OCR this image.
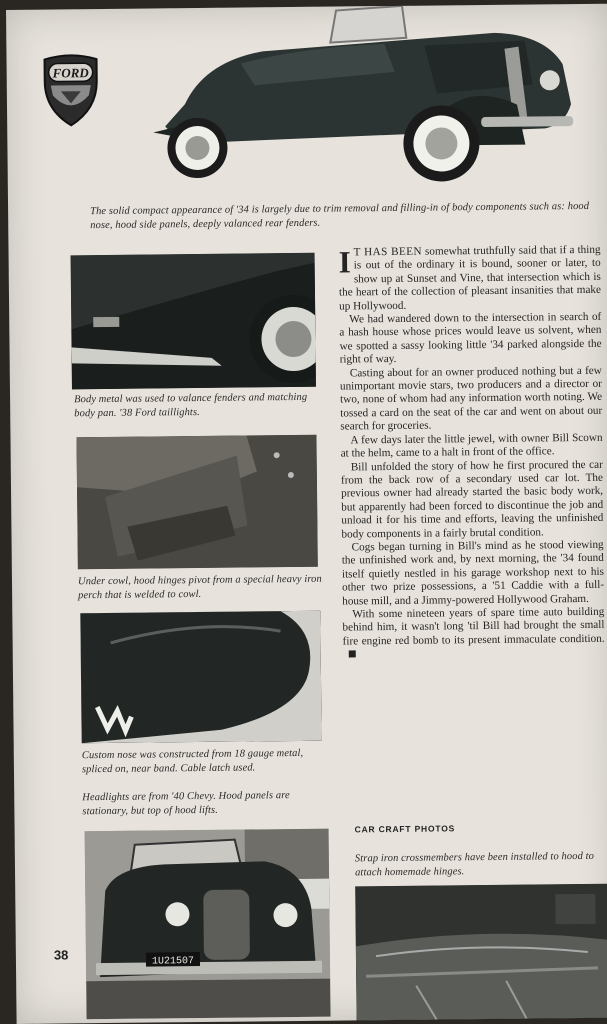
FORD
The solid compact appearance of '34 is largely due to trim removal and filling-in of body components such as: hood nose, hood side panels, deeply valanced rear fenders.
Body metal was used to valance fenders and matching body pan. '38 Ford taillights.
Under cowl, hood hinges pivot from a special heavy iron perch that is welded to cowl.
Custom nose was constructed from 18 gauge metal, spliced on, near band. Cable latch used.
Headlights are from '40 Chevy. Hood panels are stationary, but top of hood lifts.
1U21507

I T HAS BEEN somewhat truthfully said that if a thing is out of the ordinary it is bound, sooner or later, to show up at Sunset and Vine, that intersection which is the heart of the collection of pleasant insanities that make up Hollywood.

We had wandered down to the intersection in search of a hash house whose prices would leave us solvent, when we spotted a sassy looking little '34 parked alongside the right of way.

Casting about for an owner produced nothing but a few unimportant movie stars, two producers and a director or two, none of whom had any information worth noting. We tossed a card on the seat of the car and went on about our search for groceries.

A few days later the little jewel, with owner Bill Scown at the helm, came to a halt in front of the office.

Bill unfolded the story of how he first procured the car from the back row of a secondary used car lot. The previous owner had already started the basic body work, but apparently had been forced to discontinue the job and unload it for his time and efforts, leaving the unfinished body components in a fairly brutal condition.

Cogs began turning in Bill's mind as he stood viewing the unfinished work and, by next morning, the '34 found itself quietly nestled in his garage workshop next to his other two prize possessions, a '51 Caddie with a full-house mill, and a Jimmy-powered Hollywood Graham.

With some nineteen years of spare time auto building behind him, it wasn't long 'til Bill had brought the small fire engine red bomb to its present immaculate condition.

CAR CRAFT PHOTOS
Strap iron crossmembers have been installed to hood to attach homemade hinges.
38
